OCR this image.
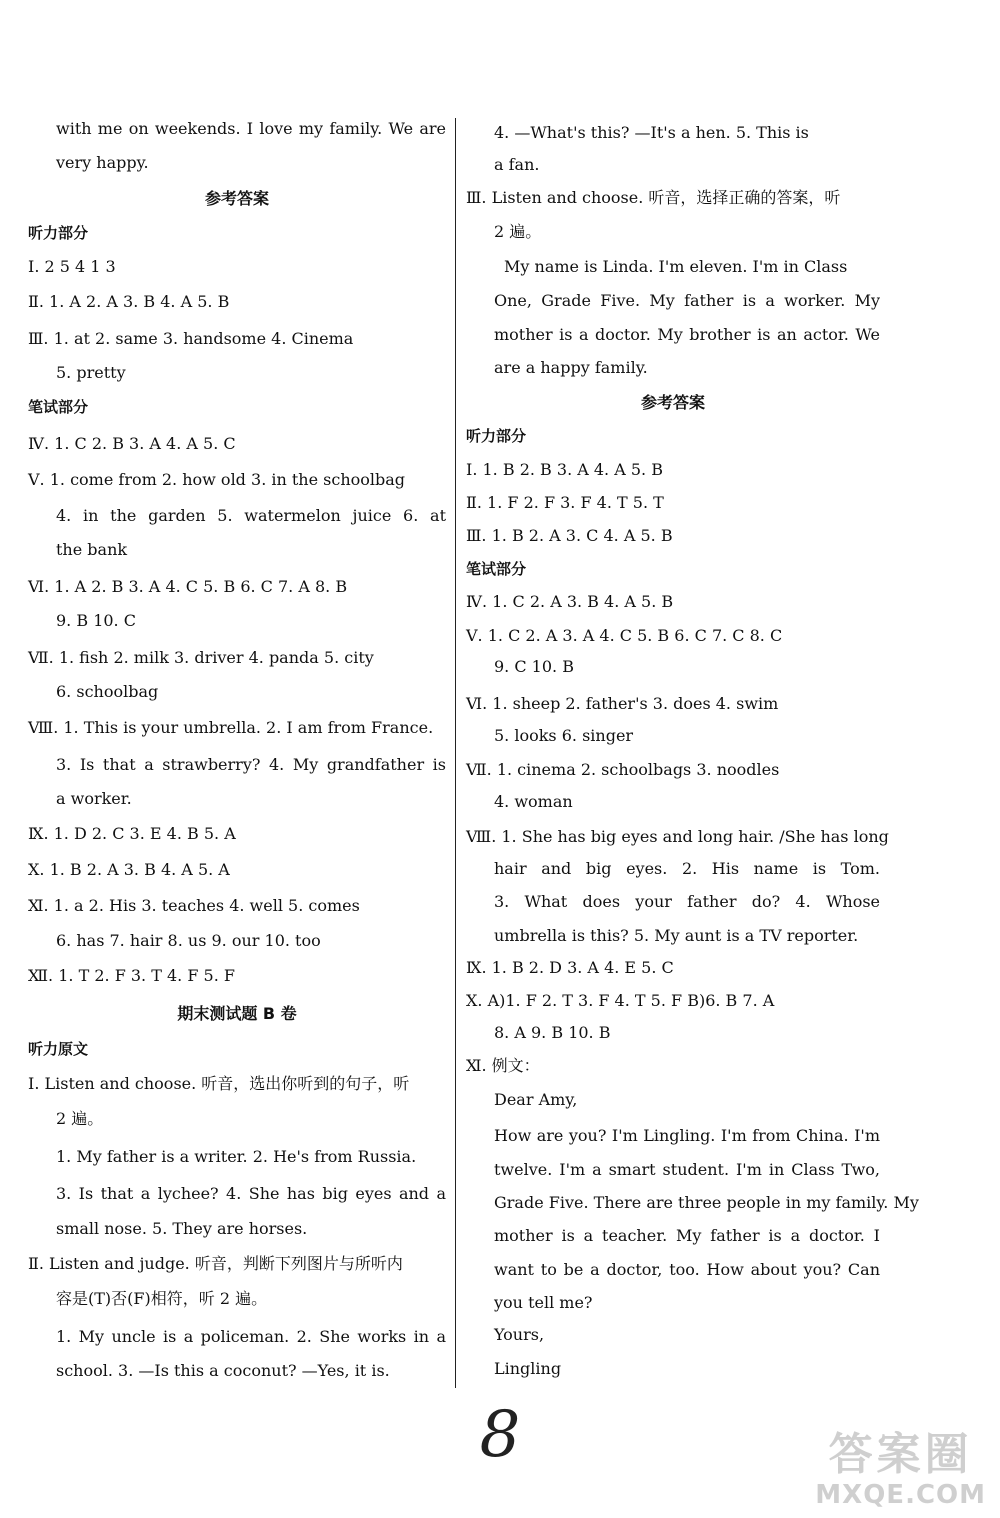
with me on weekends. I love my family. We are
very happy.
参考答案
听力部分
Ⅰ. 2 5 4 1 3
Ⅱ. 1. A 2. A 3. B 4. A 5. B
Ⅲ. 1. at 2. same 3. handsome 4. Cinema
5. pretty
笔试部分
Ⅳ. 1. C 2. B 3. A 4. A 5. C
Ⅴ. 1. come from 2. how old 3. in the schoolbag
4. in the garden 5. watermelon juice 6. at
the bank
Ⅵ. 1. A 2. B 3. A 4. C 5. B 6. C 7. A 8. B
9. B 10. C
Ⅶ. 1. fish 2. milk 3. driver 4. panda 5. city
6. schoolbag
Ⅷ. 1. This is your umbrella. 2. I am from France.
3. Is that a strawberry? 4. My grandfather is
a worker.
Ⅸ. 1. D 2. C 3. E 4. B 5. A
Ⅹ. 1. B 2. A 3. B 4. A 5. A
Ⅺ. 1. a 2. His 3. teaches 4. well 5. comes
6. has 7. hair 8. us 9. our 10. too
Ⅻ. 1. T 2. F 3. T 4. F 5. F
期末测试题 B 卷
听力原文
Ⅰ. Listen and choose. 听音，选出你听到的句子，听
2 遍。
1. My father is a writer. 2. He's from Russia.
3. Is that a lychee? 4. She has big eyes and a
small nose. 5. They are horses.
Ⅱ. Listen and judge. 听音，判断下列图片与所听内
容是(T)否(F)相符，听 2 遍。
1. My uncle is a policeman. 2. She works in a
school. 3. —Is this a coconut? —Yes, it is.
4. —What's this? —It's a hen. 5. This is
a fan.
Ⅲ. Listen and choose. 听音，选择正确的答案，听
2 遍。
My name is Linda. I'm eleven. I'm in Class
One, Grade Five. My father is a worker. My
mother is a doctor. My brother is an actor. We
are a happy family.
参考答案
听力部分
Ⅰ. 1. B 2. B 3. A 4. A 5. B
Ⅱ. 1. F 2. F 3. F 4. T 5. T
Ⅲ. 1. B 2. A 3. C 4. A 5. B
笔试部分
Ⅳ. 1. C 2. A 3. B 4. A 5. B
Ⅴ. 1. C 2. A 3. A 4. C 5. B 6. C 7. C 8. C
9. C 10. B
Ⅵ. 1. sheep 2. father's 3. does 4. swim
5. looks 6. singer
Ⅶ. 1. cinema 2. schoolbags 3. noodles
4. woman
Ⅷ. 1. She has big eyes and long hair. /She has long
hair and big eyes. 2. His name is Tom.
3. What does your father do? 4. Whose
umbrella is this? 5. My aunt is a TV reporter.
Ⅸ. 1. B 2. D 3. A 4. E 5. C
Ⅹ. A)1. F 2. T 3. F 4. T 5. F B)6. B 7. A
8. A 9. B 10. B
Ⅺ. 例文：
Dear Amy,
How are you? I'm Lingling. I'm from China. I'm
twelve. I'm a smart student. I'm in Class Two,
Grade Five. There are three people in my family. My
mother is a teacher. My father is a doctor. I
want to be a doctor, too. How about you? Can
you tell me?
Yours,
Lingling
8	答案圈
MXQE.COM
